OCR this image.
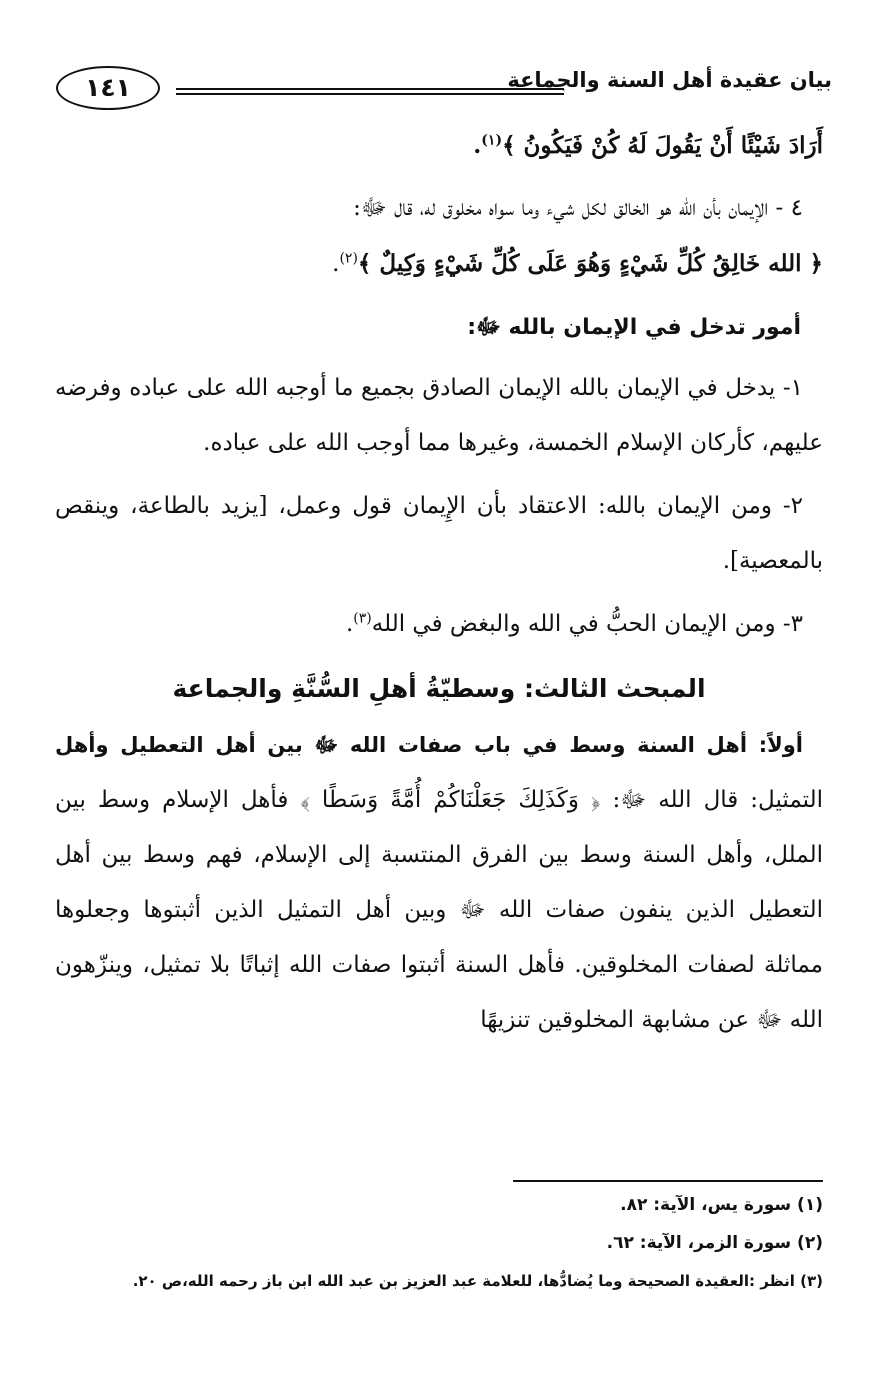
بيان عقيدة أهل السنة والجماعة
١٤١

أَرَادَ شَيْئًا أَنْ يَقُولَ لَهُ كُنْ فَيَكُونُ ﴾$^{(١)}$.

٤ - الإيمان بأن الله هو الخالق لكل شيء وما سواه مخلوق له، قال ﷻ:
﴿ الله خَالِقُ كُلِّ شَيْءٍ وَهُوَ عَلَى كُلِّ شَيْءٍ وَكِيلٌ ﴾$^{(٢)}$.

أمور تدخل في الإيمان بالله ﷻ:

١- يدخل في الإيمان بالله الإيمان الصادق بجميع ما أوجبه الله على عباده وفرضه عليهم، كأركان الإسلام الخمسة، وغيرها مما أوجب الله على عباده.

٢- ومن الإيمان بالله: الاعتقاد بأن الإِيمان قول وعمل، [يزيد بالطاعة، وينقص بالمعصية].

٣- ومن الإيمان الحبُّ في الله والبغض في الله$^{(٣)}$.

المبحث الثالث: وسطيّةُ أهلِ السُّنَّةِ والجماعة

أولاً: أهل السنة وسط في باب صفات الله ﷻ بين أهل التعطيل وأهل التمثيل: قال الله ﷻ: ﴿ وَكَذَلِكَ جَعَلْنَاكُمْ أُمَّةً وَسَطًا ﴾ فأهل الإسلام وسط بين الملل، وأهل السنة وسط بين الفرق المنتسبة إلى الإسلام، فهم وسط بين أهل التعطيل الذين ينفون صفات الله ﷻ وبين أهل التمثيل الذين أثبتوها وجعلوها مماثلة لصفات المخلوقين. فأهل السنة أثبتوا صفات الله إثباتًا بلا تمثيل، وينزّهون الله ﷻ عن مشابهة المخلوقين تنزيهًا

(١) سورة يس، الآية: ٨٢.
(٢) سورة الزمر، الآية: ٦٢.
(٣) انظر :العقيدة الصحيحة وما يُضادُّها، للعلامة عبد العزيز بن عبد الله ابن باز رحمه الله،ص ٢٠.
